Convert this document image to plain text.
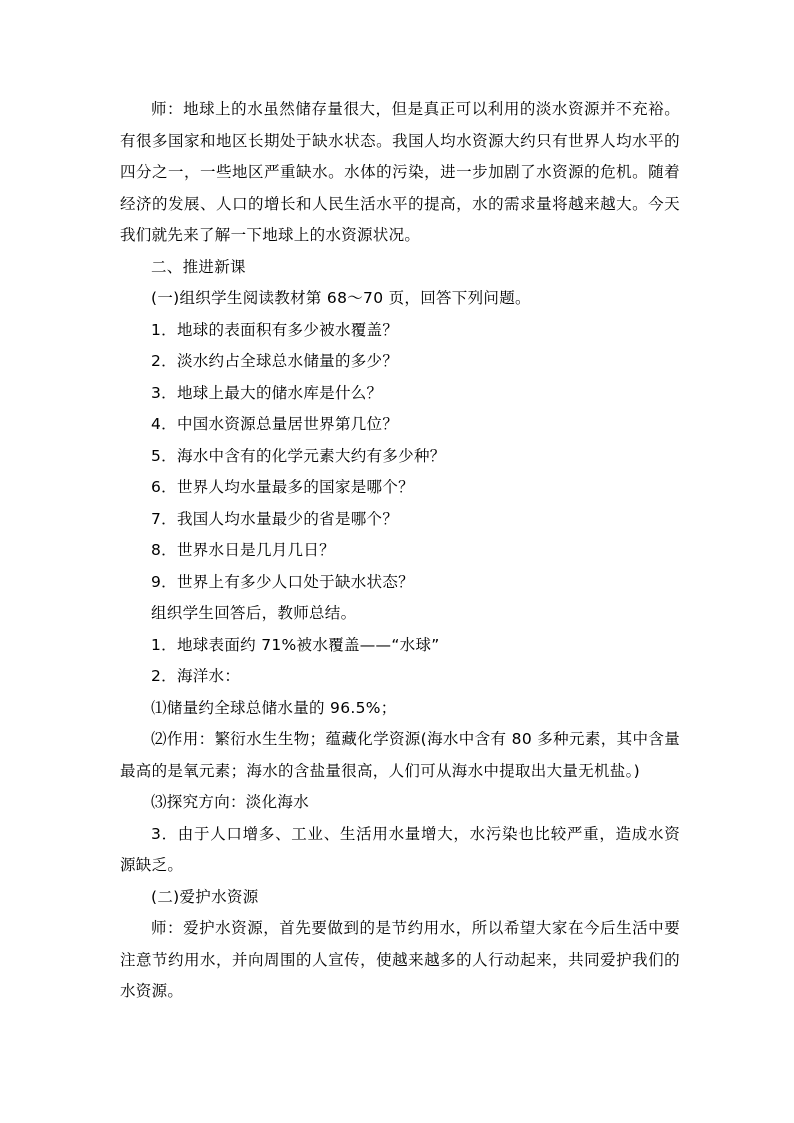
师：地球上的水虽然储存量很大，但是真正可以利用的淡水资源并不充裕。有很多国家和地区长期处于缺水状态。我国人均水资源大约只有世界人均水平的四分之一，一些地区严重缺水。水体的污染，进一步加剧了水资源的危机。随着经济的发展、人口的增长和人民生活水平的提高，水的需求量将越来越大。今天我们就先来了解一下地球上的水资源状况。

二、推进新课
(一)组织学生阅读教材第 68～70 页，回答下列问题。
1．地球的表面积有多少被水覆盖？
2．淡水约占全球总水储量的多少？
3．地球上最大的储水库是什么？
4．中国水资源总量居世界第几位？
5．海水中含有的化学元素大约有多少种？
6．世界人均水量最多的国家是哪个？
7．我国人均水量最少的省是哪个？
8．世界水日是几月几日？
9．世界上有多少人口处于缺水状态？
组织学生回答后，教师总结。
1．地球表面约 71%被水覆盖——“水球”
2．海洋水：
⑴储量约全球总储水量的 96.5%；

⑵作用：繁衍水生生物；蕴藏化学资源(海水中含有 80 多种元素，其中含量最高的是氧元素；海水的含盐量很高，人们可从海水中提取出大量无机盐。)

⑶探究方向：淡化海水

3．由于人口增多、工业、生活用水量增大，水污染也比较严重，造成水资源缺乏。

(二)爱护水资源

师：爱护水资源，首先要做到的是节约用水，所以希望大家在今后生活中要注意节约用水，并向周围的人宣传，使越来越多的人行动起来，共同爱护我们的水资源。
